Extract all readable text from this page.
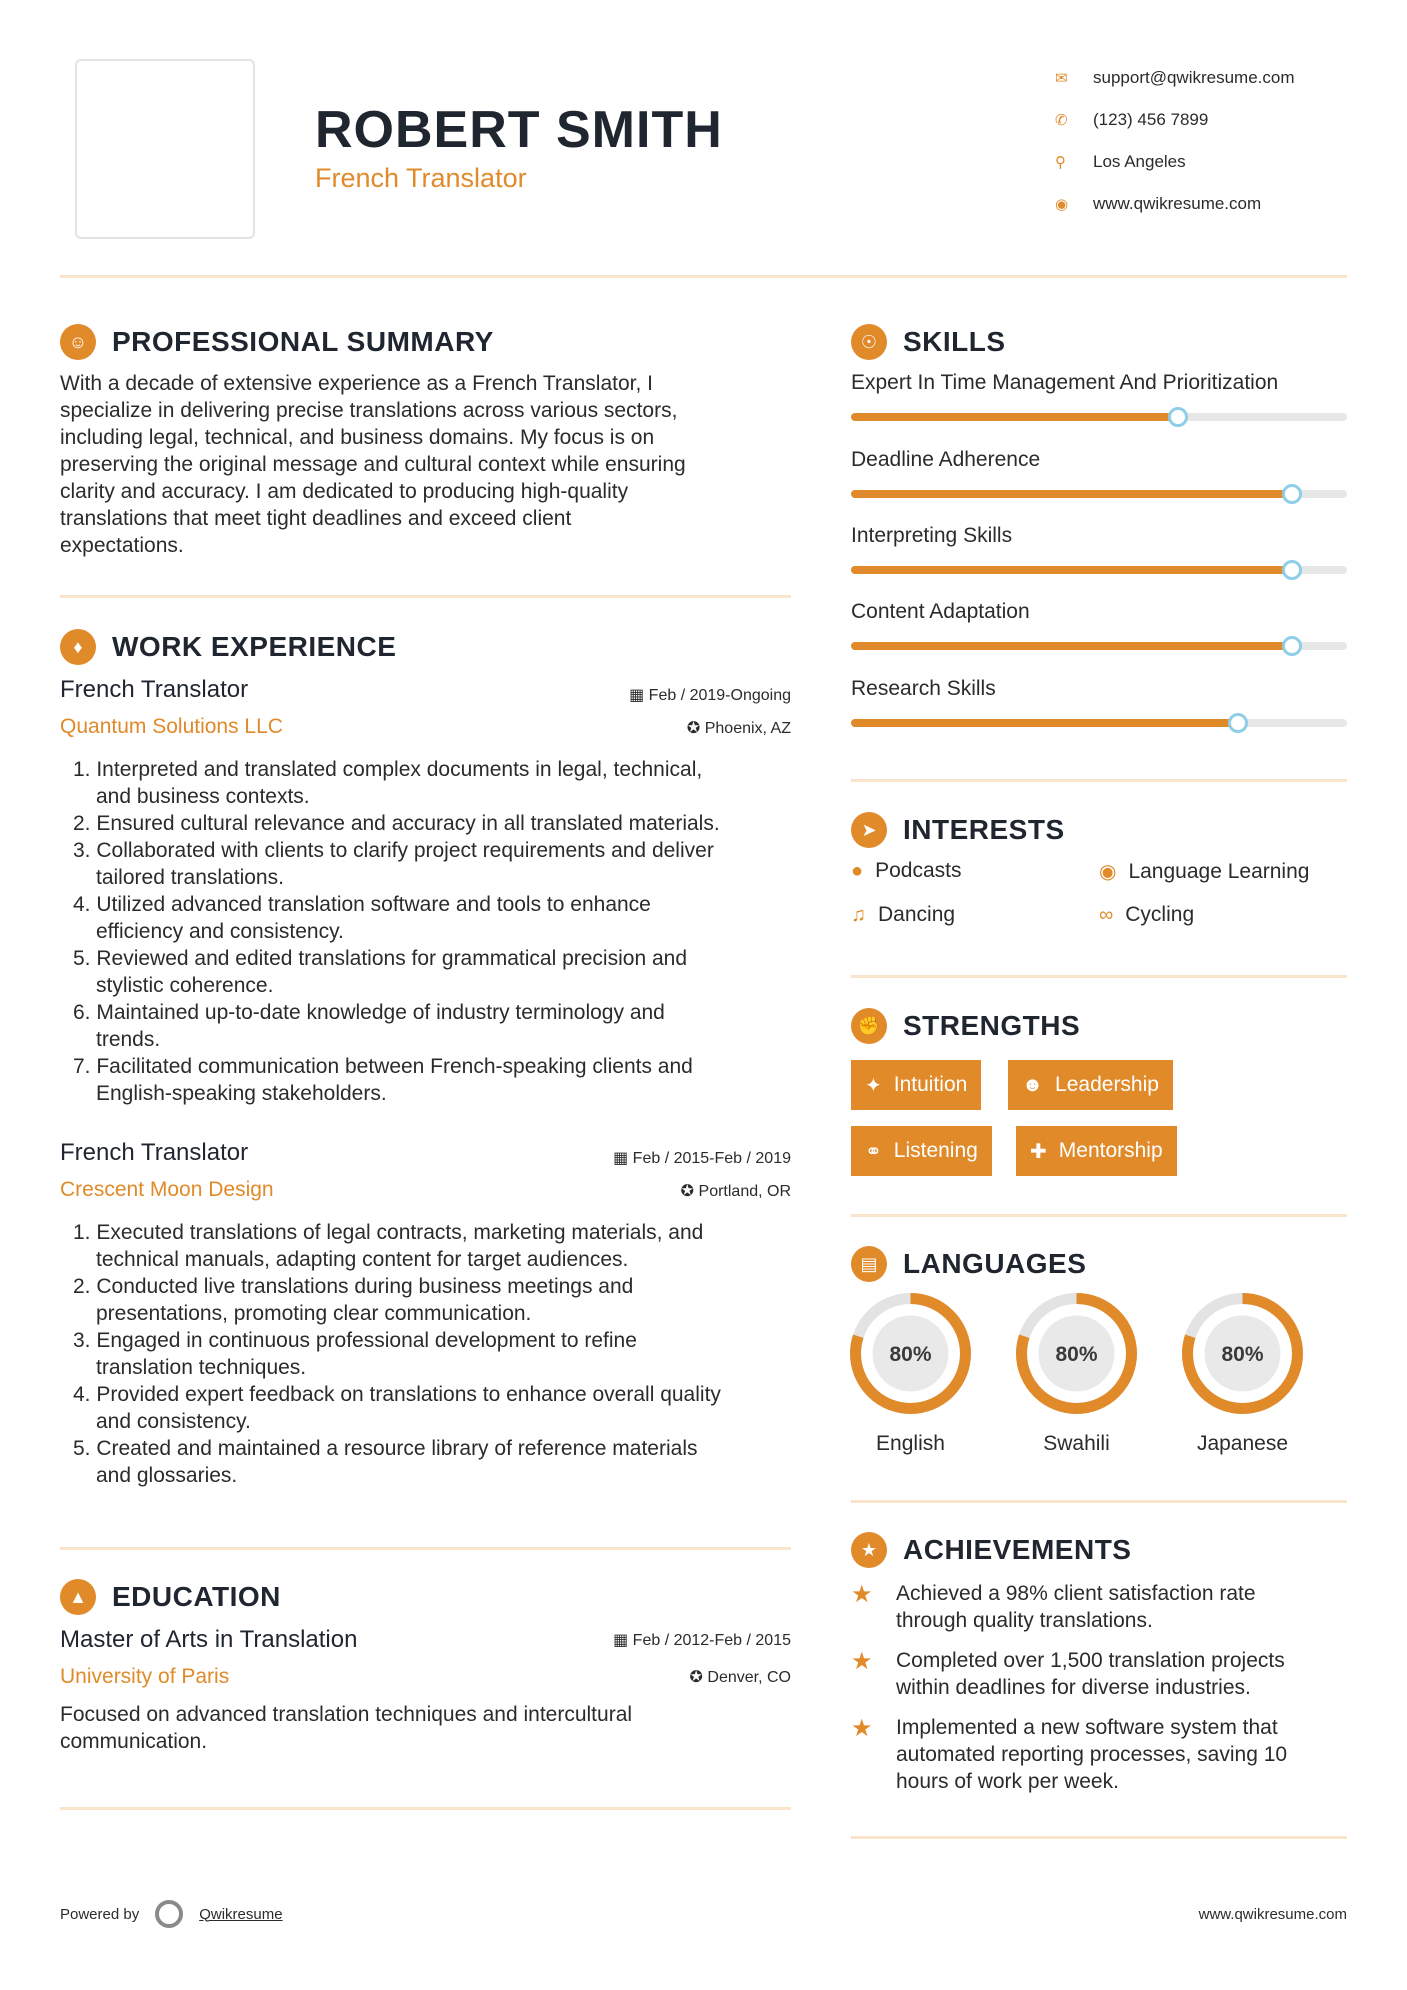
ROBERT SMITH
French Translator
✉	support@qwikresume.com
✆	(123) 456 7899
⚲	Los Angeles
◉	www.qwikresume.com
☺ PROFESSIONAL SUMMARY
With a decade of extensive experience as a French Translator, I
specialize in delivering precise translations across various sectors,
including legal, technical, and business domains. My focus is on
preserving the original message and cultural context while ensuring
clarity and accuracy. I am dedicated to producing high-quality
translations that meet tight deadlines and exceed client
expectations.
♦	WORK EXPERIENCE
French Translator
Quantum Solutions LLC
▦ Feb / 2019-Ongoing
✪ Phoenix, AZ
1. Interpreted and translated complex documents in legal, technical,
and business contexts.
2. Ensured cultural relevance and accuracy in all translated materials.
3. Collaborated with clients to clarify project requirements and deliver
tailored translations.
4. Utilized advanced translation software and tools to enhance
efficiency and consistency.
5. Reviewed and edited translations for grammatical precision and
stylistic coherence.
6. Maintained up-to-date knowledge of industry terminology and
trends.
7. Facilitated communication between French-speaking clients and
English-speaking stakeholders.
French Translator
Crescent Moon Design
▦ Feb / 2015-Feb / 2019
✪ Portland, OR
1. Executed translations of legal contracts, marketing materials, and
technical manuals, adapting content for target audiences.
2. Conducted live translations during business meetings and
presentations, promoting clear communication.
3. Engaged in continuous professional development to refine
translation techniques.
4. Provided expert feedback on translations to enhance overall quality
and consistency.
5. Created and maintained a resource library of reference materials
and glossaries.
▲ EDUCATION
Master of Arts in Translation
University of Paris
▦ Feb / 2012-Feb / 2015
✪ Denver, CO
Focused on advanced translation techniques and intercultural
communication.
☉ SKILLS
Expert In Time Management And Prioritization
Deadline Adherence
Interpreting Skills
Content Adaptation
Research Skills
➤ INTERESTS
● Podcasts	◉ Language Learning
♫ Dancing	∞ Cycling
✊ STRENGTHS
✦ Intuition	☻ Leadership
⚭ Listening	✚ Mentorship
▤ LANGUAGES
80%
English
80%
Swahili
80%
Japanese
★ ACHIEVEMENTS
★	Achieved a 98% client satisfaction rate
through quality translations.
★	Completed over 1,500 translation projects
within deadlines for diverse industries.
★	Implemented a new software system that
automated reporting processes, saving 10
hours of work per week.
Powered by	Qwikresume	www.qwikresume.com
